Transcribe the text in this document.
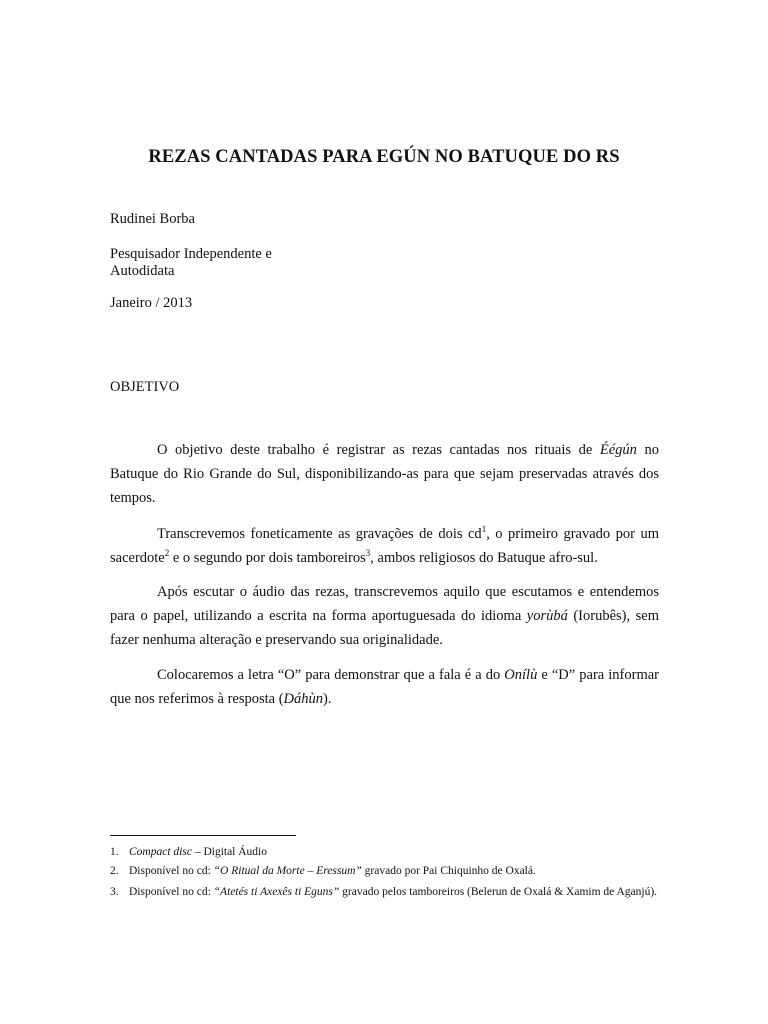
REZAS CANTADAS PARA EGÚN NO BATUQUE DO RS
Rudinei Borba
Pesquisador Independente e
Autodidata
Janeiro / 2013
OBJETIVO

O objetivo deste trabalho é registrar as rezas cantadas nos rituais de Éégún no Batuque do Rio Grande do Sul, disponibilizando-as para que sejam preservadas através dos tempos.

Transcrevemos foneticamente as gravações de dois $cd^1$, o primeiro gravado por um sacerdote$^2$ e o segundo por dois tamboreiros$^3$, ambos religiosos do Batuque afro-sul.

Após escutar o áudio das rezas, transcrevemos aquilo que escutamos e entendemos para o papel, utilizando a escrita na forma aportuguesada do idioma yorùbá (Iorubês), sem fazer nenhuma alteração e preservando sua originalidade.

Colocaremos a letra “O” para demonstrar que a fala é a do Onílù e “D” para informar que nos referimos à resposta (Dáhùn).

1. Compact disc – Digital Áudio
2. Disponível no cd: “O Ritual da Morte – Eressum” gravado por Pai Chiquinho de Oxalá.
3. Disponível no cd: “Atetés ti Axexês ti Eguns” gravado pelos tamboreiros (Belerun de Oxalá & Xamim de Aganjú).
